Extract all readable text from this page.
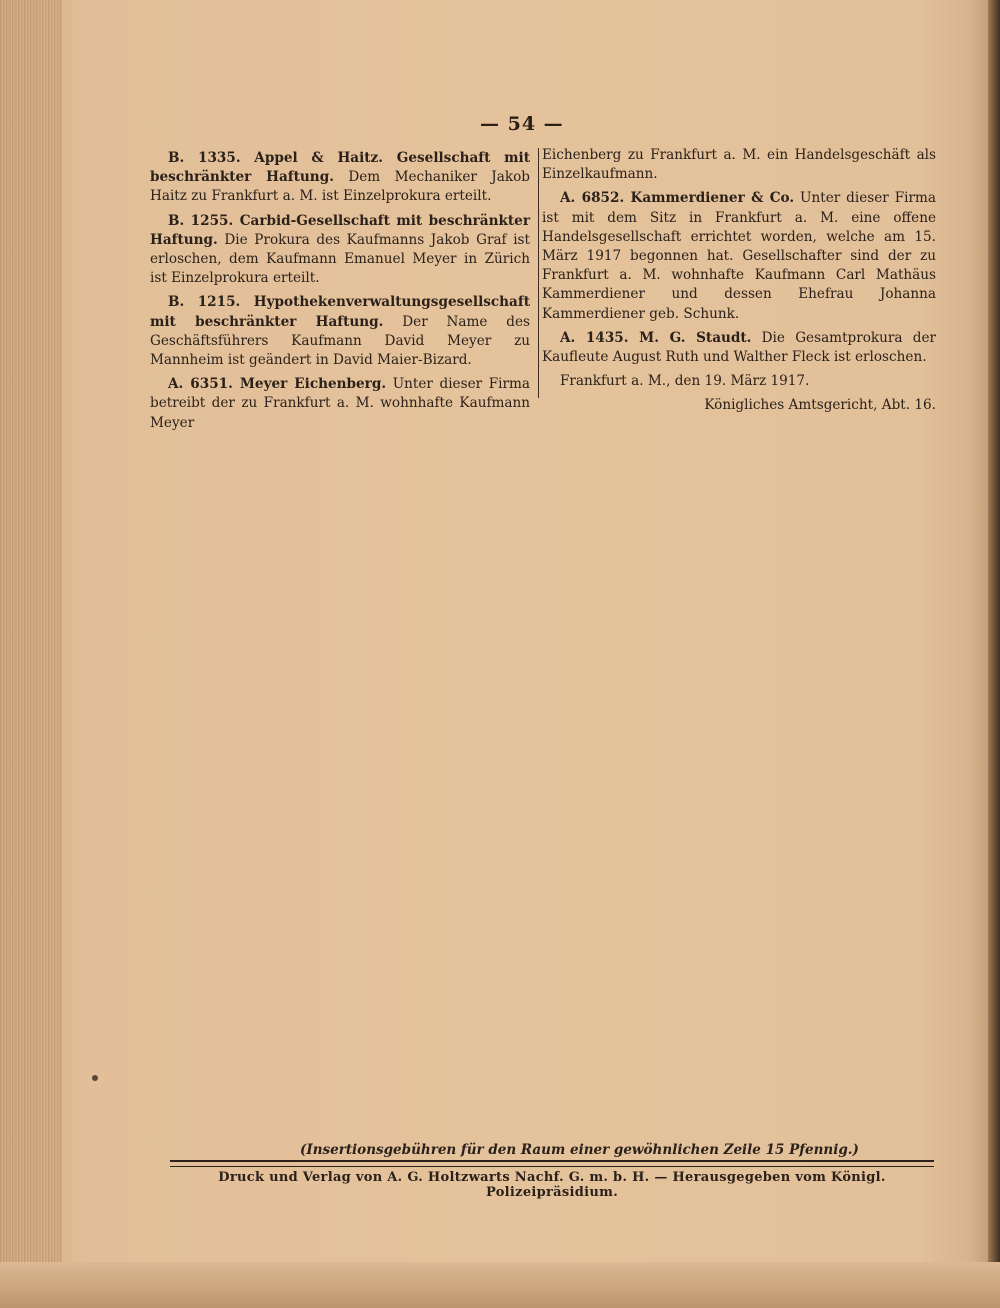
— 54 —

B. 1335. Appel & Haitz. Gesellschaft mit beschränkter Haftung. Dem Mechaniker Jakob Haitz zu Frankfurt a. M. ist Einzelprokura erteilt.

B. 1255. Carbid-Gesellschaft mit beschränkter Haftung. Die Prokura des Kaufmanns Jakob Graf ist erloschen, dem Kaufmann Emanuel Meyer in Zürich ist Einzelprokura erteilt.

B. 1215. Hypothekenverwaltungsgesellschaft mit beschränkter Haftung. Der Name des Geschäftsführers Kaufmann David Meyer zu Mannheim ist geändert in David Maier-Bizard.

A. 6351. Meyer Eichenberg. Unter dieser Firma betreibt der zu Frankfurt a. M. wohnhafte Kaufmann Meyer

Eichenberg zu Frankfurt a. M. ein Handelsgeschäft als Einzelkaufmann.

A. 6852. Kammerdiener & Co. Unter dieser Firma ist mit dem Sitz in Frankfurt a. M. eine offene Handelsgesellschaft errichtet worden, welche am 15. März 1917 begonnen hat. Gesellschafter sind der zu Frankfurt a. M. wohnhafte Kaufmann Carl Mathäus Kammerdiener und dessen Ehefrau Johanna Kammerdiener geb. Schunk.

A. 1435. M. G. Staudt. Die Gesamtprokura der Kaufleute August Ruth und Walther Fleck ist erloschen.

Frankfurt a. M., den 19. März 1917.

Königliches Amtsgericht, Abt. 16.

(Insertionsgebühren für den Raum einer gewöhnlichen Zeile 15 Pfennig.)
Druck und Verlag von A. G. Holtzwarts Nachf. G. m. b. H. — Herausgegeben vom Königl. Polizeipräsidium.
